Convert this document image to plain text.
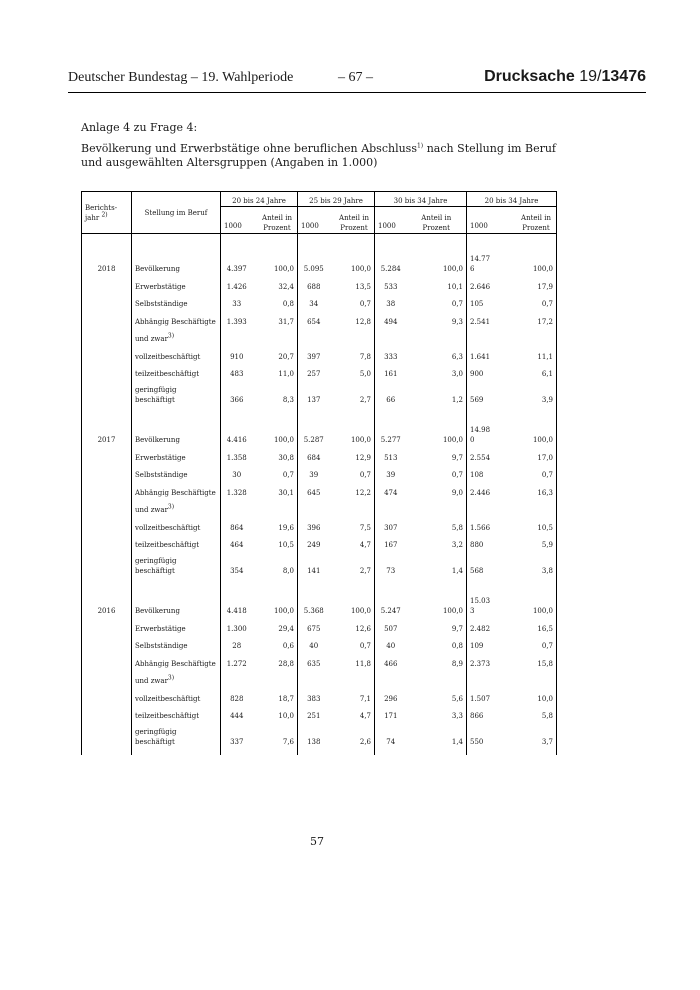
Deutscher Bundestag – 19. Wahlperiode	– 67 –	Drucksache 19/13476
Anlage 4 zu Frage 4:
Bevölkerung und Erwerbstätige ohne beruflichen Abschluss$^{1)}$ nach Stellung im Beruf und ausgewählten Altersgruppen (Angaben in 1.000)
Berichts-jahr $^{2)}$	Stellung im Beruf	20 bis 24 Jahre		25 bis 29 Jahre		30 bis 34 Jahre		20 bis 34 Jahre	
		1000	Anteil in Prozent	1000	Anteil in Prozent	1000	Anteil in Prozent	1000	Anteil in Prozent
2018	Bevölkerung	4.397	100,0	5.095	100,0	5.284	100,0	14.77 6	100,0
	Erwerbstätige	1.426	32,4	688	13,5	533	10,1	2.646	17,9
	Selbstständige	33	0,8	34	0,7	38	0,7	105	0,7
	Abhängig Beschäftigte	1.393	31,7	654	12,8	494	9,3	2.541	17,2
	und zwar$^{3)}$								
	vollzeitbeschäftigt	910	20,7	397	7,8	333	6,3	1.641	11,1
	teilzeitbeschäftigt	483	11,0	257	5,0	161	3,0	900	6,1
	geringfügig beschäftigt	366	8,3	137	2,7	66	1,2	569	3,9
2017	Bevölkerung	4.416	100,0	5.287	100,0	5.277	100,0	14.98 0	100,0
	Erwerbstätige	1.358	30,8	684	12,9	513	9,7	2.554	17,0
	Selbstständige	30	0,7	39	0,7	39	0,7	108	0,7
	Abhängig Beschäftigte	1.328	30,1	645	12,2	474	9,0	2.446	16,3
	und zwar$^{3)}$								
	vollzeitbeschäftigt	864	19,6	396	7,5	307	5,8	1.566	10,5
	teilzeitbeschäftigt	464	10,5	249	4,7	167	3,2	880	5,9
	geringfügig beschäftigt	354	8,0	141	2,7	73	1,4	568	3,8
2016	Bevölkerung	4.418	100,0	5.368	100,0	5.247	100,0	15.03 3	100,0
	Erwerbstätige	1.300	29,4	675	12,6	507	9,7	2.482	16,5
	Selbstständige	28	0,6	40	0,7	40	0,8	109	0,7
	Abhängig Beschäftigte	1.272	28,8	635	11,8	466	8,9	2.373	15,8
	und zwar$^{3)}$								
	vollzeitbeschäftigt	828	18,7	383	7,1	296	5,6	1.507	10,0
	teilzeitbeschäftigt	444	10,0	251	4,7	171	3,3	866	5,8
	geringfügig beschäftigt	337	7,6	138	2,6	74	1,4	550	3,7

57
